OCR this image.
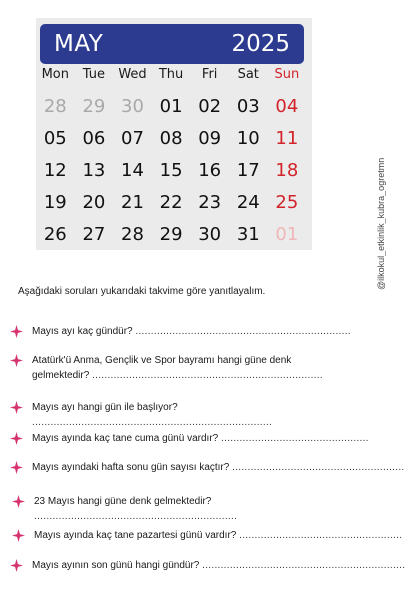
MAY	2025
Mon	Tue	Wed Thu	Fri	Sat	Sun
28 29 30 01 02 03 04
05 06 07 08 09 10 11
12 13 14 15 16 17 18
19 20 21 22 23 24 25
26 27 28 29 30 31 01	@ilkokul_etkinlik_kubra_ogretmn
Aşağıdaki soruları yukarıdaki takvime göre yanıtlayalım.
Mayıs ayı kaç gündür? ......................................................................
Atatürk'ü Anma, Gençlik ve Spor bayramı hangi güne denk
gelmektedir? ...........................................................................
Mayıs ayı hangi gün ile başlıyor? ..............................................................................
Mayıs ayında kaç tane cuma günü vardır? ................................................
Mayıs ayındaki hafta sonu gün sayısı kaçtır? ........................................................
23 Mayıs hangi güne denk gelmektedir? ..................................................................
Mayıs ayında kaç tane pazartesi günü vardır? .....................................................
Mayıs ayının son günü hangi gündür? ..................................................................
